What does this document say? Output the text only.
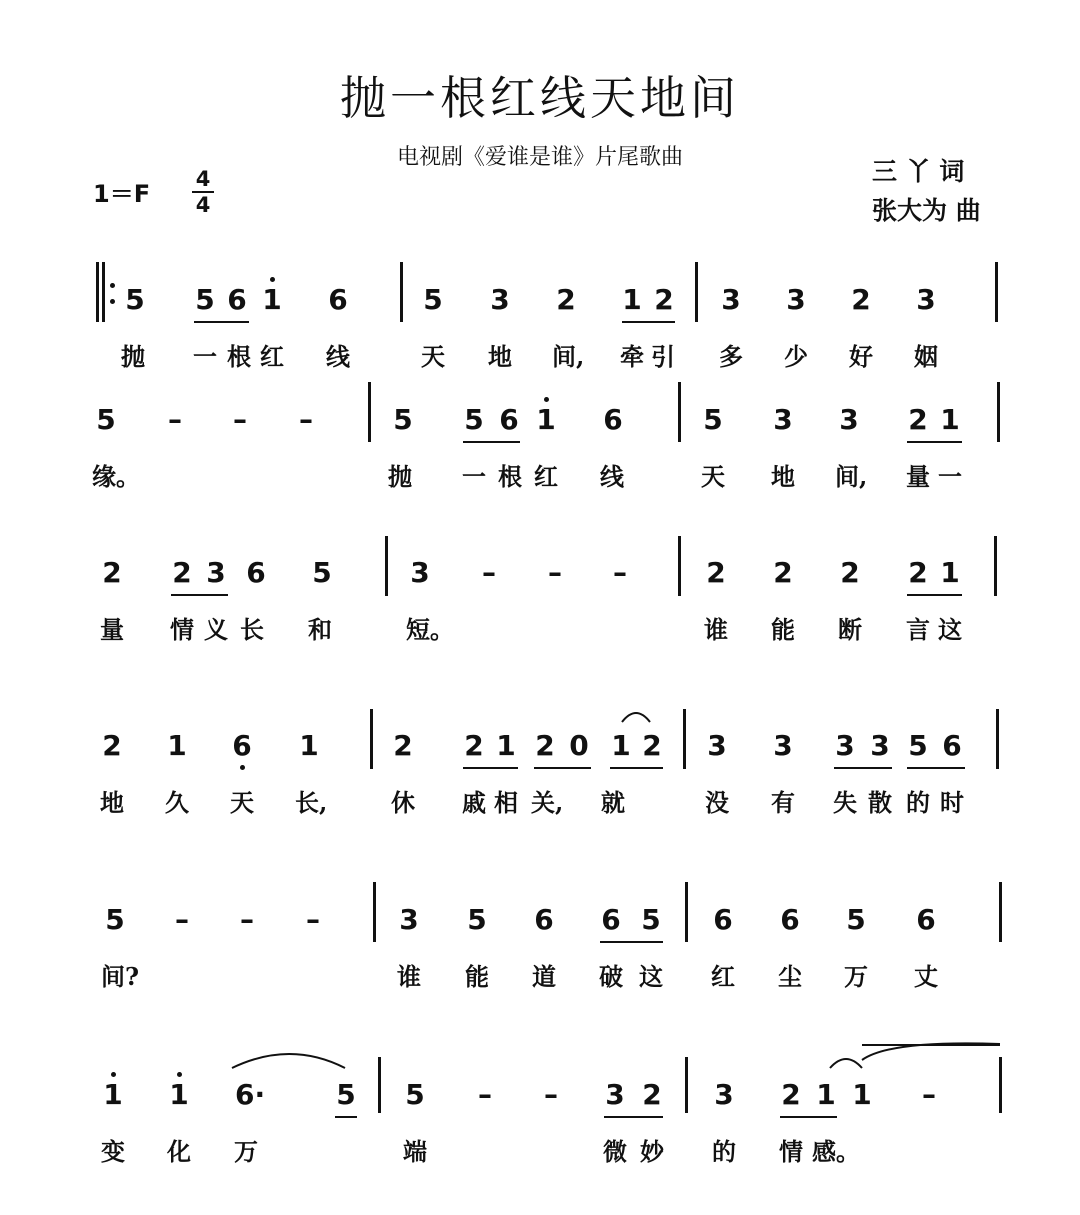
抛一根红线天地间
电视剧《爱谁是谁》片尾歌曲	三 丫 词
张大为 曲
1＝F
4
4
5 5 6 1 6	5 3 2 1 2 3 3 2 3
抛 一 根 红 线	天 地 间, 牵 引 多 少 好 姻
5 – – –	5 5 6 1 6	5 3 3 2 1
缘。	抛 一 根 红 线	天 地 间, 量 一
2 2 3 6 5	3 – – –	2 2 2 2 1
量 情 义 长 和	短。	谁 能 断 言 这
2 1 6 1	2 2 1 2 0 1 2 3 3 3 3 5 6
地 久 天 长,	休 戚 相 关, 就	没 有 失 散 的 时
5 – – –	3 5 6 6 5 6 6 5 6
间?	谁 能 道 破 这 红 尘 万 丈
1 1 6·	5 5 – – 3 2 3 2 1 1 –
变 化 万	端	微 妙 的 情 感。
